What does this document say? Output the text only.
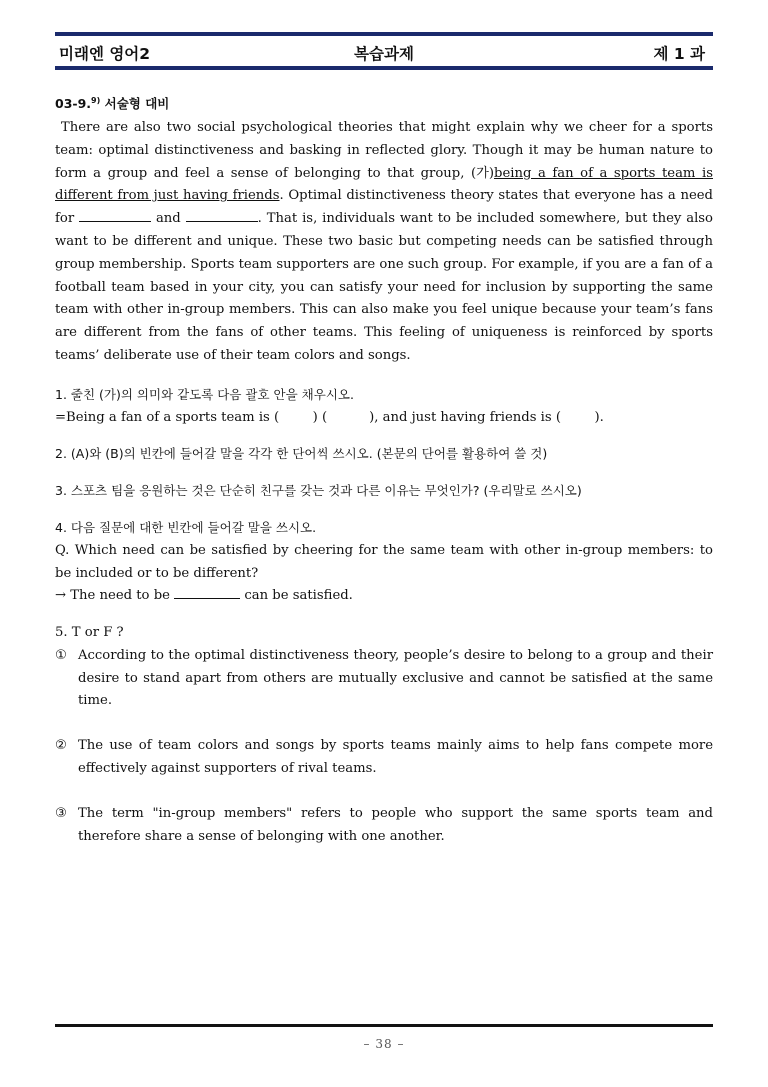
미래엔 영어2	복습과제	제 1 과
03-9.$^{9)}$ 서술형 대비
There are also two social psychological theories that might explain why we cheer for a sports team: optimal distinctiveness and basking in reflected glory. Though it may be human nature to form a group and feel a sense of belonging to that group, (가)being a fan of a sports team is different from just having friends. Optimal distinctiveness theory states that everyone has a need for	and	. That is, individuals want to be included somewhere, but they also want to be different and unique. These two basic but competing needs can be satisfied through group membership. Sports team supporters are one such group. For example, if you are a fan of a football team based in your city, you can satisfy your need for inclusion by supporting the same team with other in-group members. This can also make you feel unique because your team’s fans are different from the fans of other teams. This feeling of uniqueness is reinforced by sports teams’ deliberate use of their team colors and songs.
1. 줄친 (가)의 의미와 같도록 다음 괄호 안을 채우시오.
=Being a fan of a sports team is (        ) (          ), and just having friends is (        ).
2. (A)와 (B)의 빈칸에 들어갈 말을 각각 한 단어씩 쓰시오. (본문의 단어를 활용하여 쓸 것)
3. 스포츠 팀을 응원하는 것은 단순히 친구를 갖는 것과 다른 이유는 무엇인가? (우리말로 쓰시오)
4. 다음 질문에 대한 빈칸에 들어갈 말을 쓰시오.
Q. Which need can be satisfied by cheering for the same team with other in-group members: to be included or to be different?
→ The need to be	can be satisfied.
5. T or F ?
① According to the optimal distinctiveness theory, people’s desire to belong to a group and their desire to stand apart from others are mutually exclusive and cannot be satisfied at the same time.
② The use of team colors and songs by sports teams mainly aims to help fans compete more effectively against supporters of rival teams.
③ The term "in-group members" refers to people who support the same sports team and therefore share a sense of belonging with one another.
– 38 –
